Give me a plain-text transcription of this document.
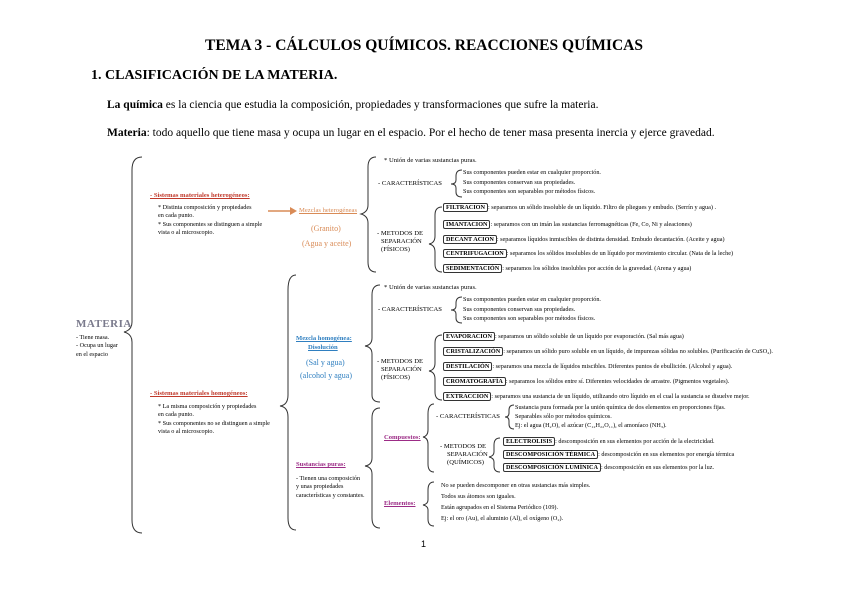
TEMA 3 - CÁLCULOS QUÍMICOS. REACCIONES QUÍMICAS
1. CLASIFICACIÓN DE LA MATERIA.
La química es la ciencia que estudia la composición, propiedades y transformaciones que sufre la materia.
Materia: todo aquello que tiene masa y ocupa un lugar en el espacio. Por el hecho de tener masa presenta inercia y ejerce gravedad.
MATERIA
- Tiene masa.
- Ocupa un lugar
en el espacio
- Sistemas materiales heterogéneos:
* Distinta composición y propiedades
en cada punto.
* Sus componentes se distinguen a simple
vista o al microscopio.
Mezclas heterogéneas
(Granito)
(Agua y aceite)
* Unión de varias sustancias puras.
- CARACTERÍSTICAS
Sus componentes pueden estar en cualquier proporción.
Sus componentes conservan sus propiedades.
Sus componentes son separables por métodos físicos.
- METODOS DE
SEPARACIÓN
(FÍSICOS)
FILTRACION : separamos un sólido insoluble de un líquido. Filtro de pliegues y embudo. (Serrín y agua) .
IMANTACION : separamos con un imán las sustancias ferromagnéticas (Fe, Co, Ni y aleaciones)
DECANT ACION : separamos líquidos inmiscibles de distinta densidad. Embudo decantación. (Aceite y agua)
CENTRIFUGACION : separamos los sólidos insolubles de un líquido por movimiento circular. (Nata de la leche)
SEDIMENTACIÓN : separamos los sólidos insolubles por acción de la gravedad. (Arena y agua)
- Sistemas materiales homogéneos:
* La misma composición y propiedades
en cada punto.
* Sus componentes no se distinguen a simple
vista o al microscopio.
Mezcla homogénea:
Disolución
(Sal y agua)
(alcohol y agua)
* Unión de varias sustancias puras.
- CARACTERÍSTICAS
Sus componentes pueden estar en cualquier proporción.
Sus componentes conservan sus propiedades.
Sus componentes son separables por métodos físicos.
- METODOS DE
SEPARACIÓN
(FÍSICOS)
EVAPORACION : separamos un sólido soluble de un líquido por evaporación. (Sal más agua)
CRISTALIZACIÓN : separamos un sólido puro soluble en un líquido, de impurezas sólidas no solubles. (Purificación de CuSO₄).
DESTILACIÓN : separamos una mezcla de líquidos miscibles. Diferentes puntos de ebullición. (Alcohol y agua).
CROMATOGRAFÍA : separamos los sólidos entre sí. Diferentes velocidades de arrastre. (Pigmentos vegetales).
EXTRACCION : separamos una sustancia de un líquido, utilizando otro líquido en el cual la sustancia se disuelve mejor.
Sustancias puras:
- Tienen una composición
y unas propiedades
características y constantes.
Compuestos:
- CARACTERÍSTICAS
Sustancia pura formada por la unión química de dos elementos en proporciones fijas.
Separables sólo por métodos químicos.
Ej: el agua (H₂O), el azúcar (C₁₂H₂₂O₁₁), el amoníaco (NH₃).
- METODOS DE
SEPARACIÓN
(QUÍMICOS)
ELECTROLISIS : descomposición en sus elementos por acción de la electricidad.
DESCOMPOSICIÓN TÉRMICA : descomposición en sus elementos por energía térmica
DESCOMPOSICIÓN LUMÍNICA : descomposición en sus elementos por la luz.
Elementos:
No se pueden descomponer en otras sustancias más simples.
Todos sus átomos son iguales.
Están agrupados en el Sistema Periódico (109).
Ej: el oro (Au), el aluminio (Al), el oxígeno (O₂).
1
